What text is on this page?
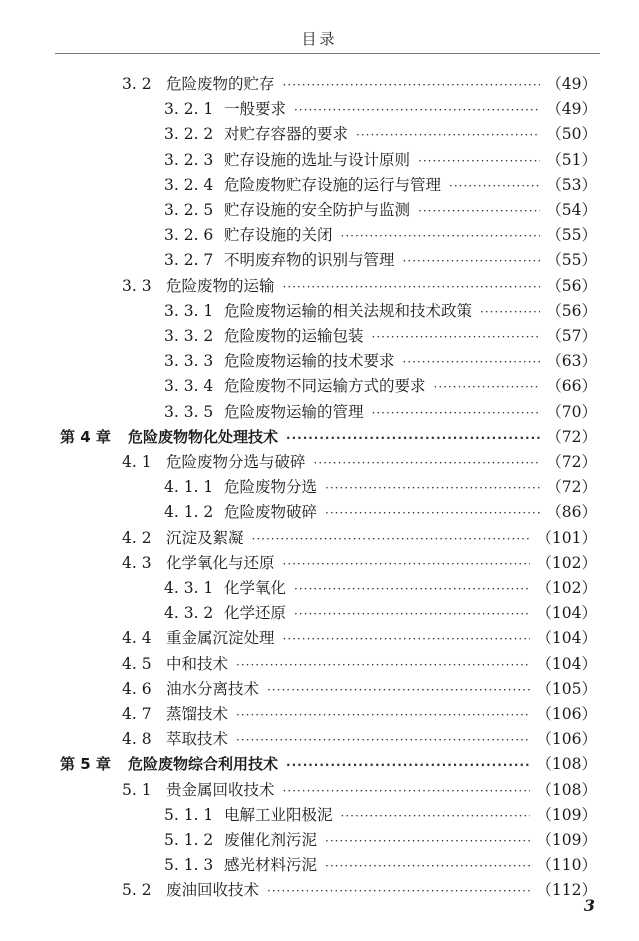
目录
3. 2 危险废物的贮存 ·····	（49）
3. 2. 1 一般要求 ·····	（49）
3. 2. 2 对贮存容器的要求 ·····	（50）
3. 2. 3 贮存设施的选址与设计原则 ·····	（51）
3. 2. 4 危险废物贮存设施的运行与管理 ·····	（53）
3. 2. 5 贮存设施的安全防护与监测 ·····	（54）
3. 2. 6 贮存设施的关闭 ·····	（55）
3. 2. 7 不明废弃物的识别与管理 ·····	（55）
3. 3 危险废物的运输 ·····	（56）
3. 3. 1 危险废物运输的相关法规和技术政策 ·····	（56）
3. 3. 2 危险废物的运输包装 ·····	（57）
3. 3. 3 危险废物运输的技术要求 ·····	（63）
3. 3. 4 危险废物不同运输方式的要求 ·····	（66）
3. 3. 5 危险废物运输的管理 ·····	（70）
第 4 章	危险废物物化处理技术 ·····	（72）
4. 1 危险废物分选与破碎 ·····	（72）
4. 1. 1 危险废物分选 ·····	（72）
4. 1. 2 危险废物破碎 ·····	（86）
4. 2 沉淀及絮凝 ·····	（101）
4. 3 化学氧化与还原 ·····	（102）
4. 3. 1 化学氧化 ·····	（102）
4. 3. 2 化学还原 ·····	（104）
4. 4 重金属沉淀处理 ·····	（104）
4. 5 中和技术 ·····	（104）
4. 6 油水分离技术 ·····	（105）
4. 7 蒸馏技术 ·····	（106）
4. 8 萃取技术 ·····	（106）
第 5 章	危险废物综合利用技术 ·····	（108）
5. 1 贵金属回收技术 ·····	（108）
5. 1. 1 电解工业阳极泥 ·····	（109）
5. 1. 2 废催化剂污泥 ·····	（109）
5. 1. 3 感光材料污泥 ·····	（110）
5. 2 废油回收技术 ·····	（112）
3
